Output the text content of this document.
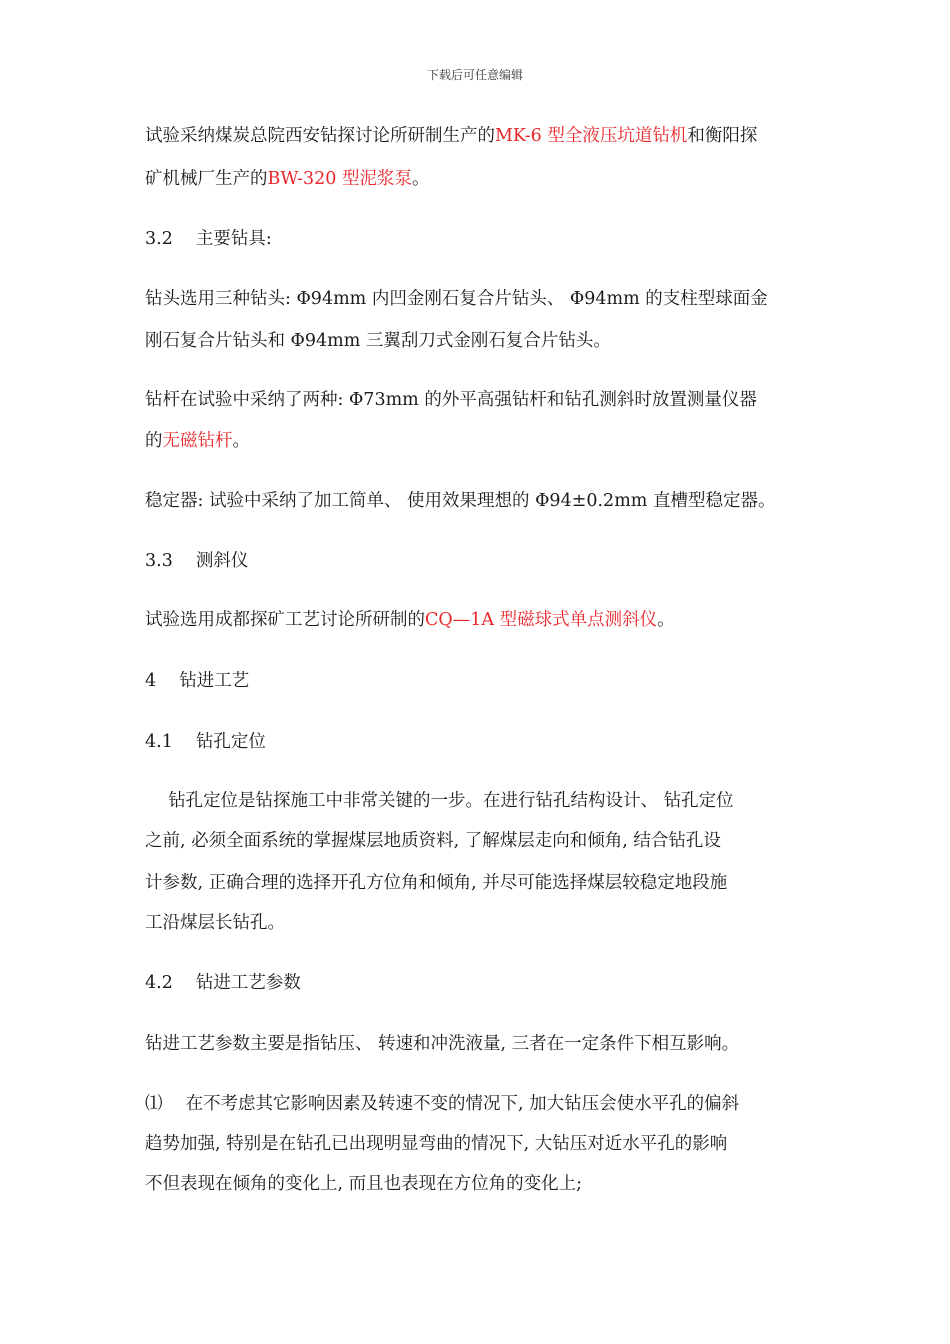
下载后可任意编辑
试验采纳煤炭总院西安钻探讨论所研制生产的MK-6 型全液压坑道钻机和衡阳探
矿机械厂生产的BW-320 型泥浆泵。
3.2　 主要钻具:
钻头选用三种钻头: Φ94mm 内凹金刚石复合片钻头、 Φ94mm 的支柱型球面金
刚石复合片钻头和 Φ94mm 三翼刮刀式金刚石复合片钻头。
钻杆在试验中采纳了两种: Φ73mm 的外平高强钻杆和钻孔测斜时放置测量仪器
的无磁钻杆。
稳定器: 试验中采纳了加工简单、 使用效果理想的 Φ94±0.2mm 直槽型稳定器。
3.3　 测斜仪
试验选用成都探矿工艺讨论所研制的CQ—1A 型磁球式单点测斜仪。
4　 钻进工艺
4.1　 钻孔定位
　 钻孔定位是钻探施工中非常关键的一步。在进行钻孔结构设计、 钻孔定位
之前, 必须全面系统的掌握煤层地质资料, 了解煤层走向和倾角, 结合钻孔设
计参数, 正确合理的选择开孔方位角和倾角, 并尽可能选择煤层较稳定地段施
工沿煤层长钻孔。
4.2　 钻进工艺参数
钻进工艺参数主要是指钻压、 转速和冲洗液量, 三者在一定条件下相互影响。
⑴　 在不考虑其它影响因素及转速不变的情况下, 加大钻压会使水平孔的偏斜
趋势加强, 特别是在钻孔已出现明显弯曲的情况下, 大钻压对近水平孔的影响
不但表现在倾角的变化上, 而且也表现在方位角的变化上;
